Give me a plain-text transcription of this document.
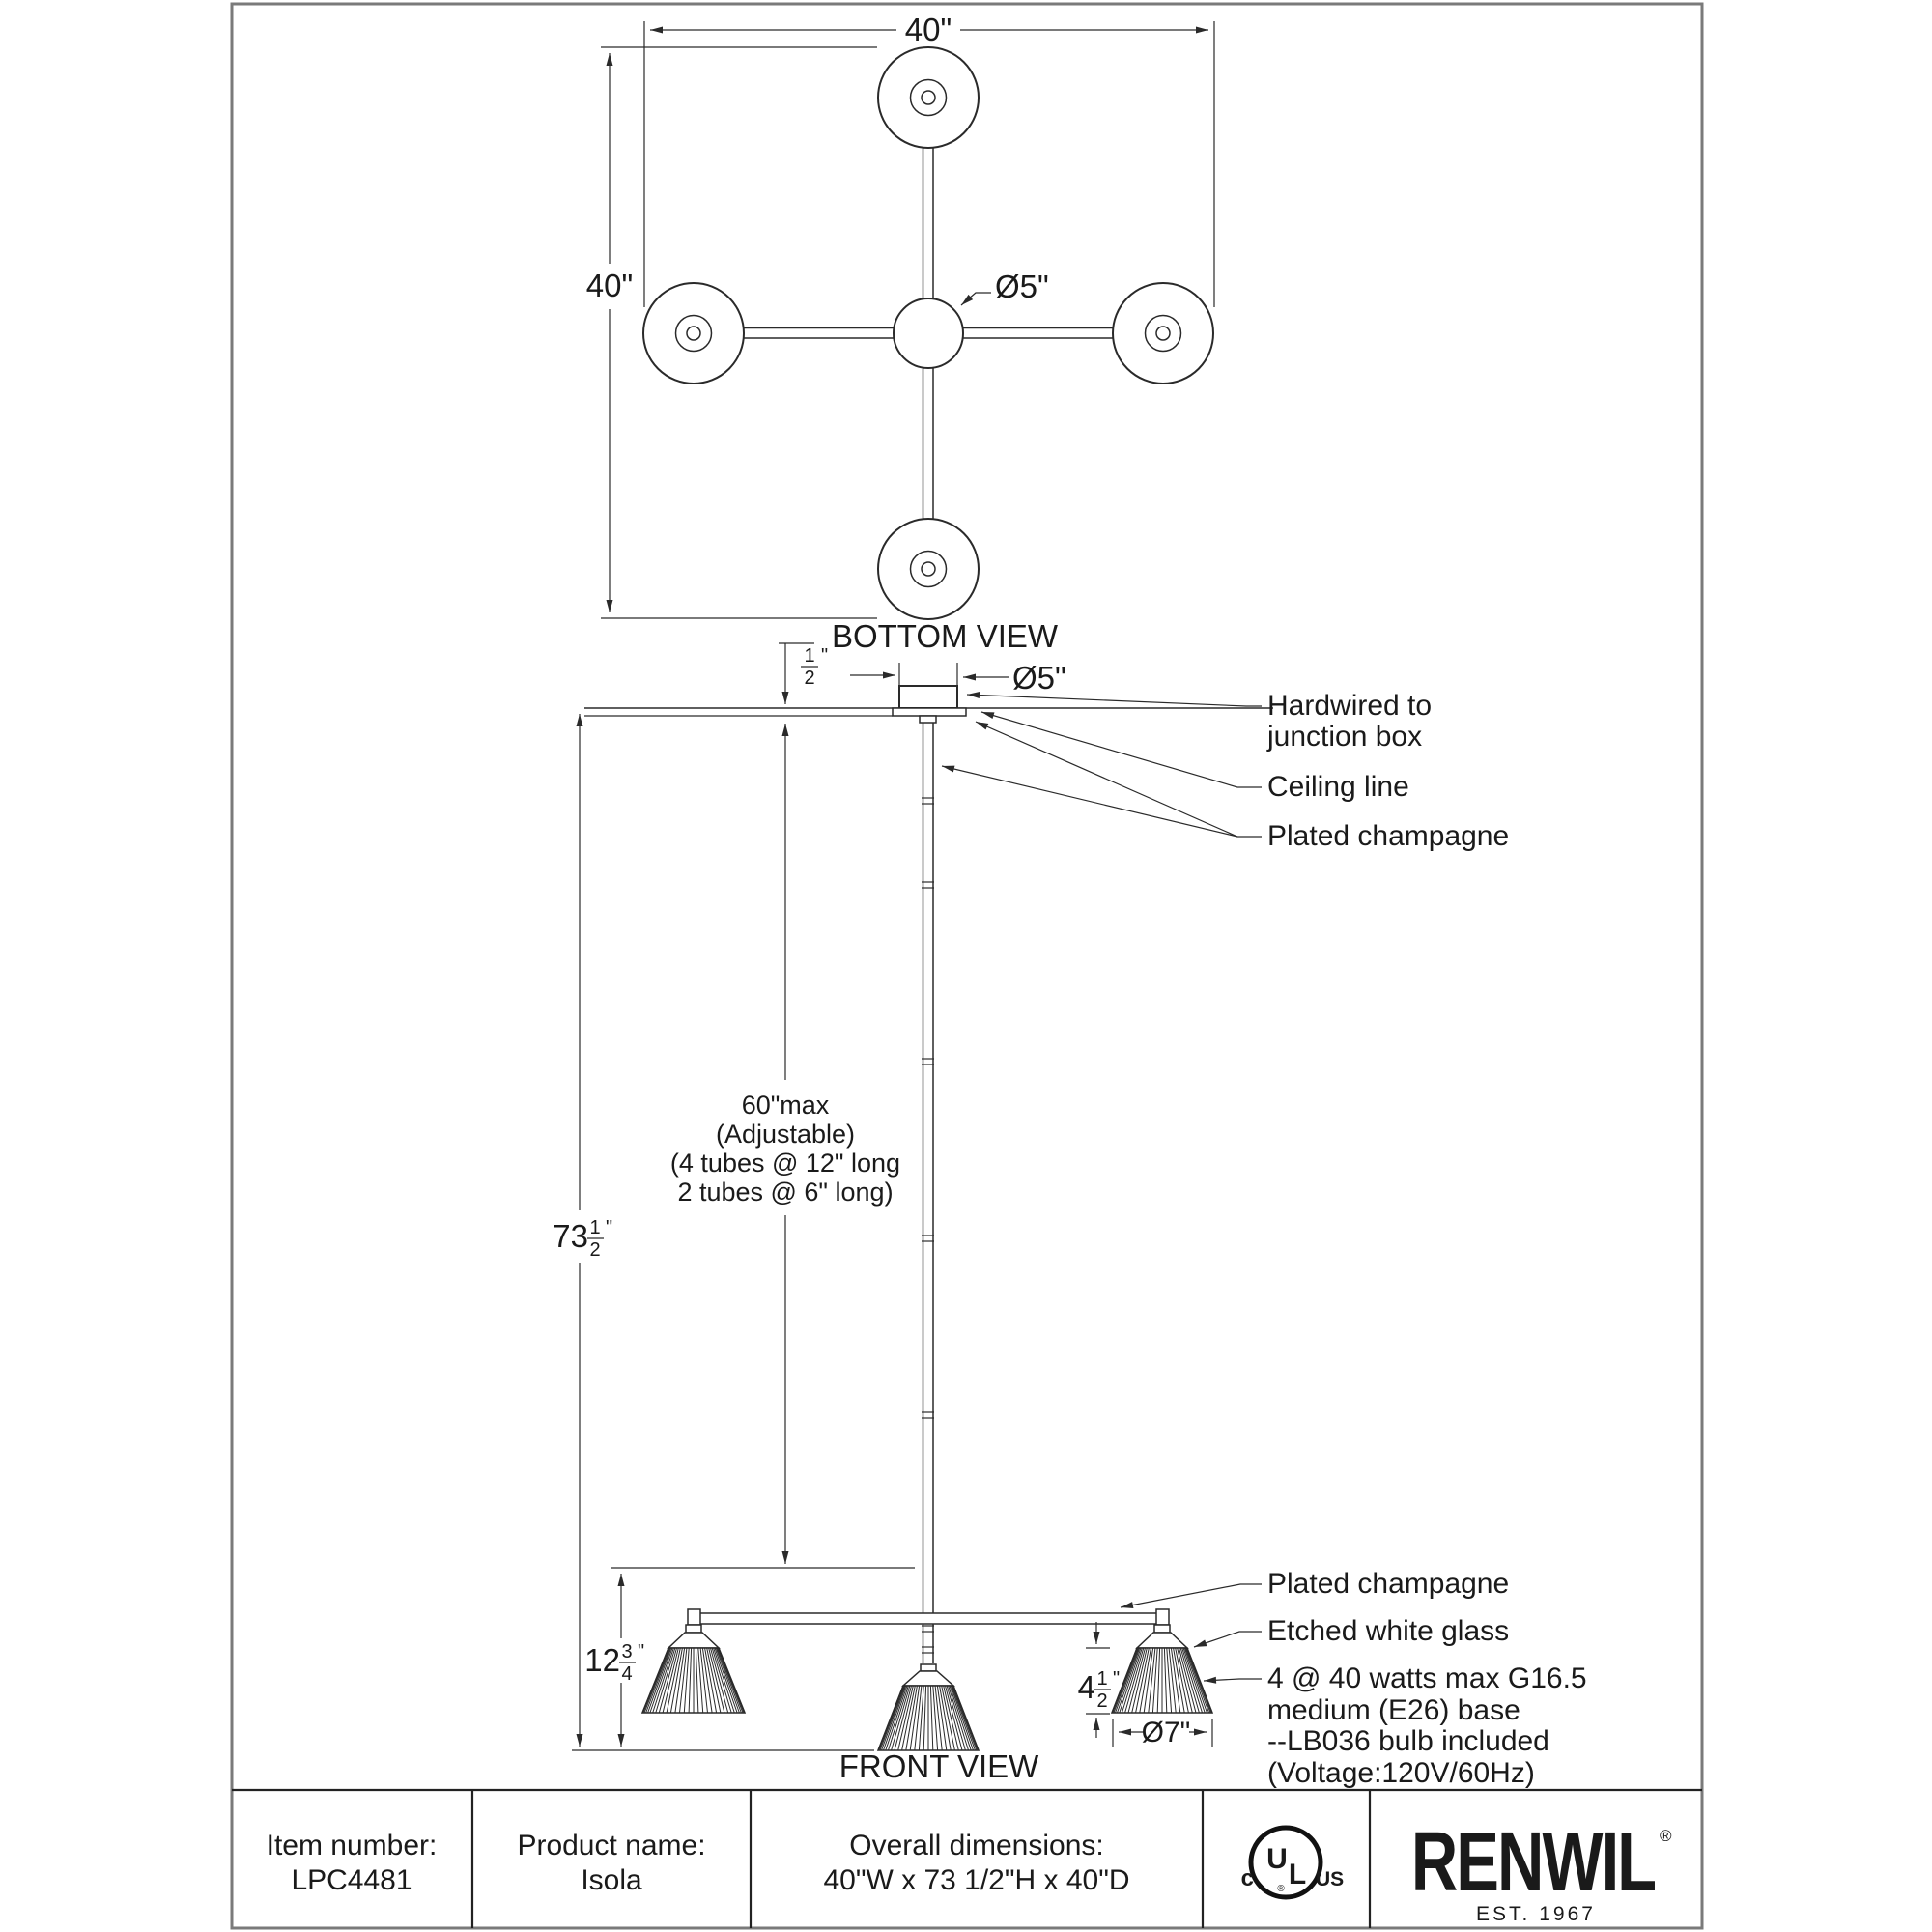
40"
40"	Ø5"
BOTTOM VIEW
Ø5"
1
2
"
60"max
(Adjustable)
(4 tubes @ 12" long
2 tubes @ 6" long)
73 1
2
"
12 3
4
"
4 1
2
"
Ø7"
Hardwired to
junction box
Ceiling line
Plated champagne
Plated champagne
Etched white glass
4 @ 40 watts max G16.5
medium (E26) base
--LB036 bulb included
(Voltage:120V/60Hz)
FRONT VIEW
Item number:
LPC4481
Product name:
Isola
Overall dimensions:
40"W x 73 1/2"H x 40"D
U L
®
c	US RENWIL ®
EST. 1967
